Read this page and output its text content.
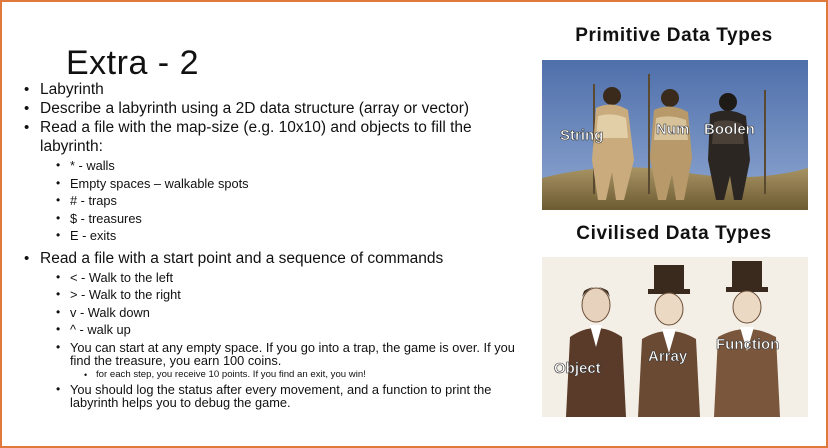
Extra - 2
• Labyrinth
• Describe a labyrinth using a 2D data structure (array or vector)
• Read a file with the map-size (e.g. 10x10) and objects to fill the labyrinth:
• * - walls
• Empty spaces – walkable spots
• # - traps
• $ - treasures
• E - exits
• Read a file with a start point and a sequence of commands
• < - Walk to the left
• > - Walk to the right
• v - Walk down
• ^ - walk up
• You can start at any empty space. If you go into a trap, the game is over. If you find the treasure, you earn 100 coins.
• for each step, you receive 10 points. If you find an exit, you win!
• You should log the status after every movement, and a function to print the labyrinth helps you to debug the game.
Primitive Data Types
String	Num Boolen
Civilised Data Types
Object
Array
Function
